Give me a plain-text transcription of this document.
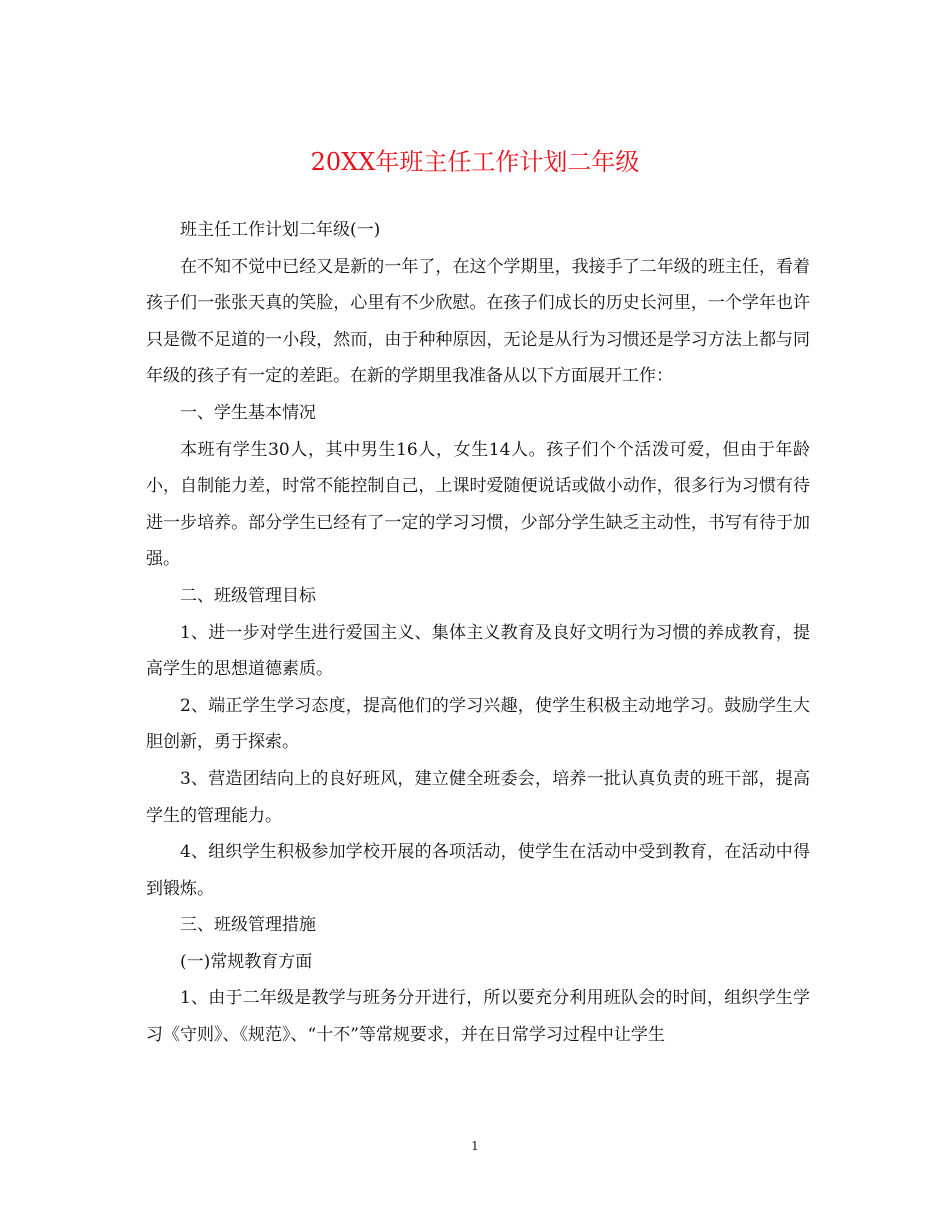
20XX年班主任工作计划二年级

班主任工作计划二年级(一)

在不知不觉中已经又是新的一年了，在这个学期里，我接手了二年级的班主任，看着孩子们一张张天真的笑脸，心里有不少欣慰。在孩子们成长的历史长河里，一个学年也许只是微不足道的一小段，然而，由于种种原因，无论是从行为习惯还是学习方法上都与同年级的孩子有一定的差距。在新的学期里我准备从以下方面展开工作：

一、学生基本情况

本班有学生30人，其中男生16人，女生14人。孩子们个个活泼可爱，但由于年龄小，自制能力差，时常不能控制自己，上课时爱随便说话或做小动作，很多行为习惯有待进一步培养。部分学生已经有了一定的学习习惯，少部分学生缺乏主动性，书写有待于加强。

二、班级管理目标

1、进一步对学生进行爱国主义、集体主义教育及良好文明行为习惯的养成教育，提高学生的思想道德素质。

2、端正学生学习态度，提高他们的学习兴趣，使学生积极主动地学习。鼓励学生大胆创新，勇于探索。

3、营造团结向上的良好班风，建立健全班委会，培养一批认真负责的班干部，提高学生的管理能力。

4、组织学生积极参加学校开展的各项活动，使学生在活动中受到教育，在活动中得到锻炼。

三、班级管理措施

(一)常规教育方面

1、由于二年级是教学与班务分开进行，所以要充分利用班队会的时间，组织学生学习《守则》、《规范》、“十不”等常规要求，并在日常学习过程中让学生

1
